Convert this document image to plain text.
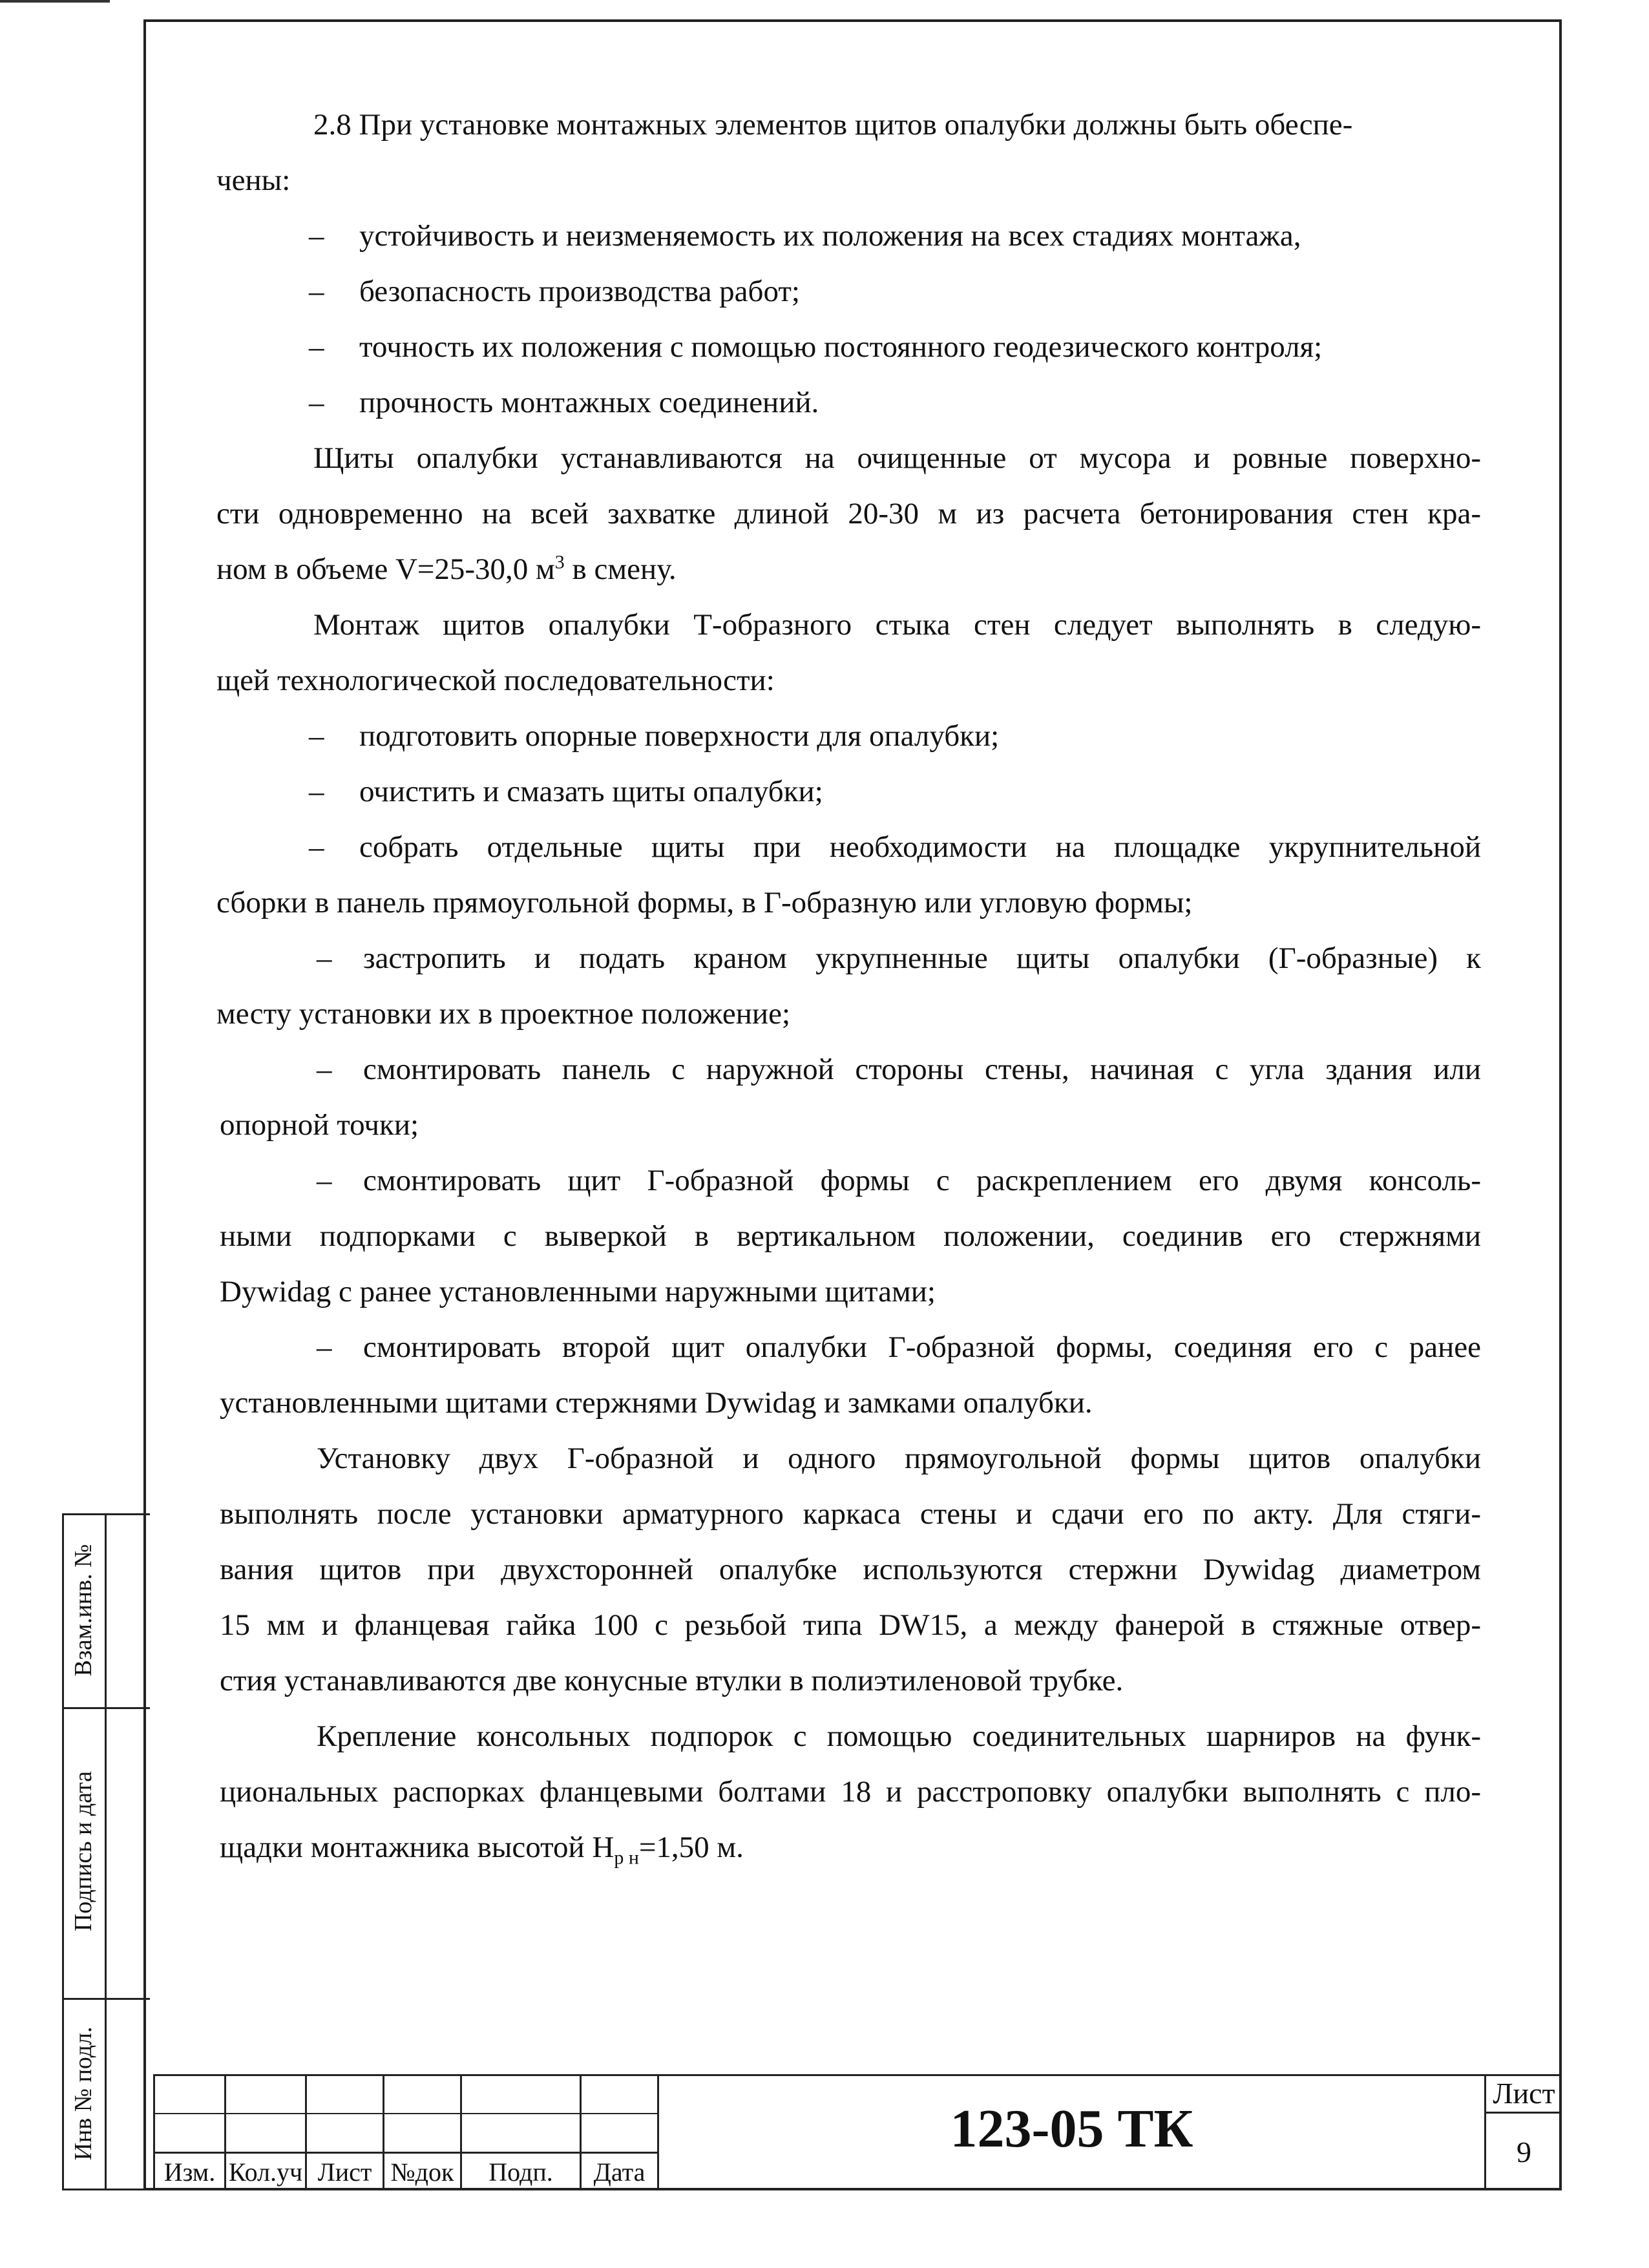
Взам.инв. №
Подпись и дата
Инв № подл.
2.8 При установке монтажных элементов щитов опалубки должны быть обеспе-
чены:
– устойчивость и неизменяемость их положения на всех стадиях монтажа,
– безопасность производства работ;
– точность их положения с помощью постоянного геодезического контроля;
– прочность монтажных соединений.
Щиты опалубки устанавливаются на очищенные от мусора и ровные поверхно-
сти одновременно на всей захватке длиной 20-30 м из расчета бетонирования стен кра-
ном в объеме V=25-30,0 $м^3$ в смену.
Монтаж щитов опалубки Т-образного стыка стен следует выполнять в следую-
щей технологической последовательности:
– подготовить опорные поверхности для опалубки;
– очистить и смазать щиты опалубки;
– собрать отдельные щиты при необходимости на площадке укрупнительной
сборки в панель прямоугольной формы, в Г-образную или угловую формы;
– застропить и подать краном укрупненные щиты опалубки (Г-образные) к
месту установки их в проектное положение;
– смонтировать панель с наружной стороны стены, начиная с угла здания или
опорной точки;
– смонтировать щит Г-образной формы с раскреплением его двумя консоль-
ными подпорками с выверкой в вертикальном положении, соединив его стержнями
Dywidag с ранее установленными наружными щитами;
– смонтировать второй щит опалубки Г-образной формы, соединяя его с ранее
установленными щитами стержнями Dywidag и замками опалубки.
Установку двух Г-образной и одного прямоугольной формы щитов опалубки
выполнять после установки арматурного каркаса стены и сдачи его по акту. Для стяги-
вания щитов при двухсторонней опалубке используются стержни Dywidag диаметром
15 мм и фланцевая гайка 100 с резьбой типа DW15, а между фанерой в стяжные отвер-
стия устанавливаются две конусные втулки в полиэтиленовой трубке.
Крепление консольных подпорок с помощью соединительных шарниров на функ-
циональных распорках фланцевыми болтами 18 и расстроповку опалубки выполнять с пло-
щадки монтажника высотой $Н_{р н}=1,50$ м.
Изм. Кол.уч Лист №док	Подп.	Дата
123-05 ТК
Лист
9
